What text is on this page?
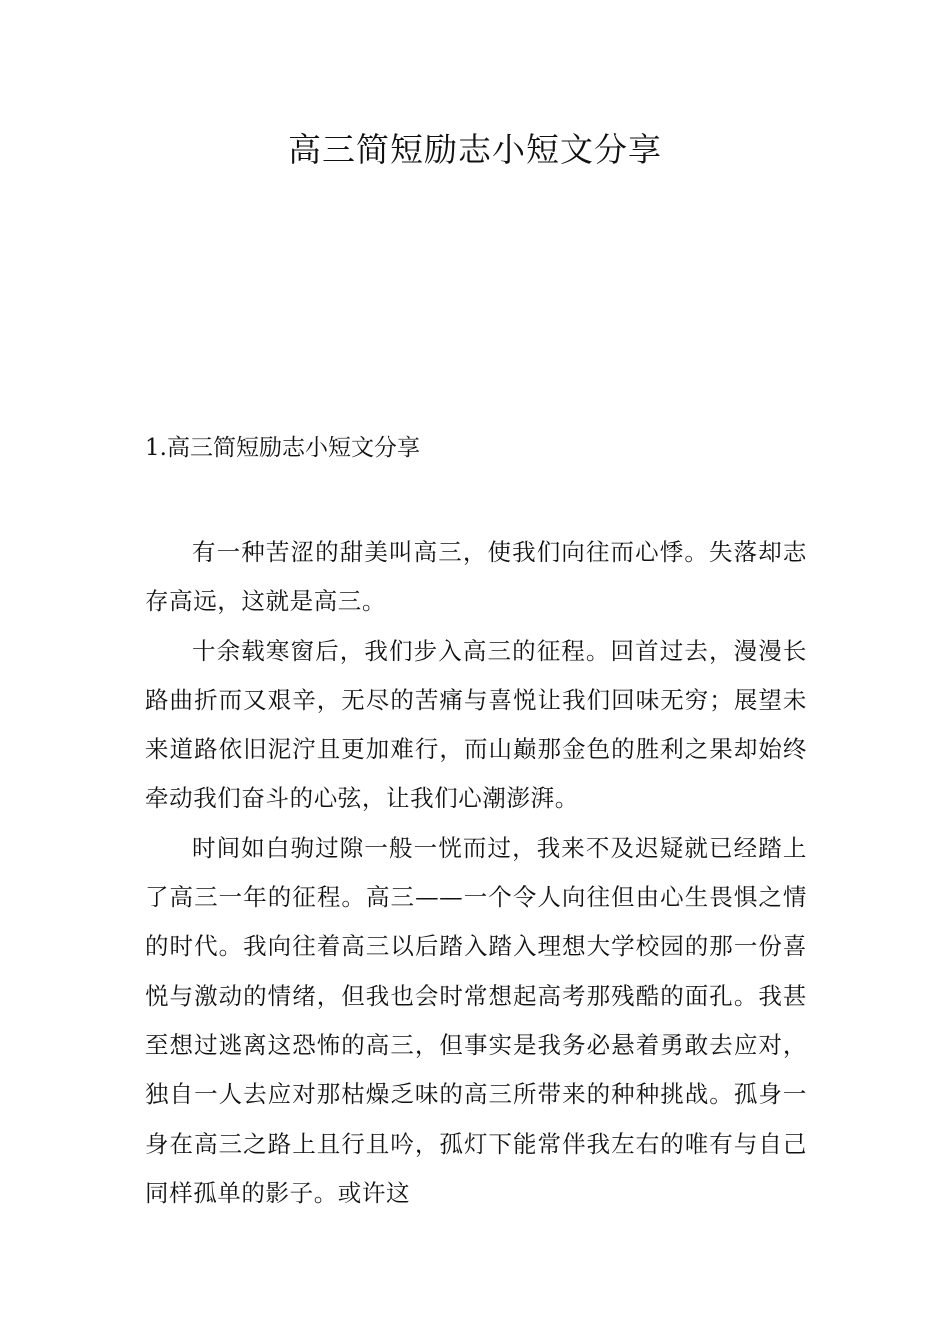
高三简短励志小短文分享
1.高三简短励志小短文分享

有一种苦涩的甜美叫高三，使我们向往而心悸。失落却志存高远，这就是高三。

十余载寒窗后，我们步入高三的征程。回首过去，漫漫长路曲折而又艰辛，无尽的苦痛与喜悦让我们回味无穷；展望未来道路依旧泥泞且更加难行，而山巅那金色的胜利之果却始终牵动我们奋斗的心弦，让我们心潮澎湃。

时间如白驹过隙一般一恍而过，我来不及迟疑就已经踏上了高三一年的征程。高三——一个令人向往但由心生畏惧之情的时代。我向往着高三以后踏入踏入理想大学校园的那一份喜悦与激动的情绪，但我也会时常想起高考那残酷的面孔。我甚至想过逃离这恐怖的高三，但事实是我务必悬着勇敢去应对，独自一人去应对那枯燥乏味的高三所带来的种种挑战。孤身一身在高三之路上且行且吟，孤灯下能常伴我左右的唯有与自己同样孤单的影子。或许这
